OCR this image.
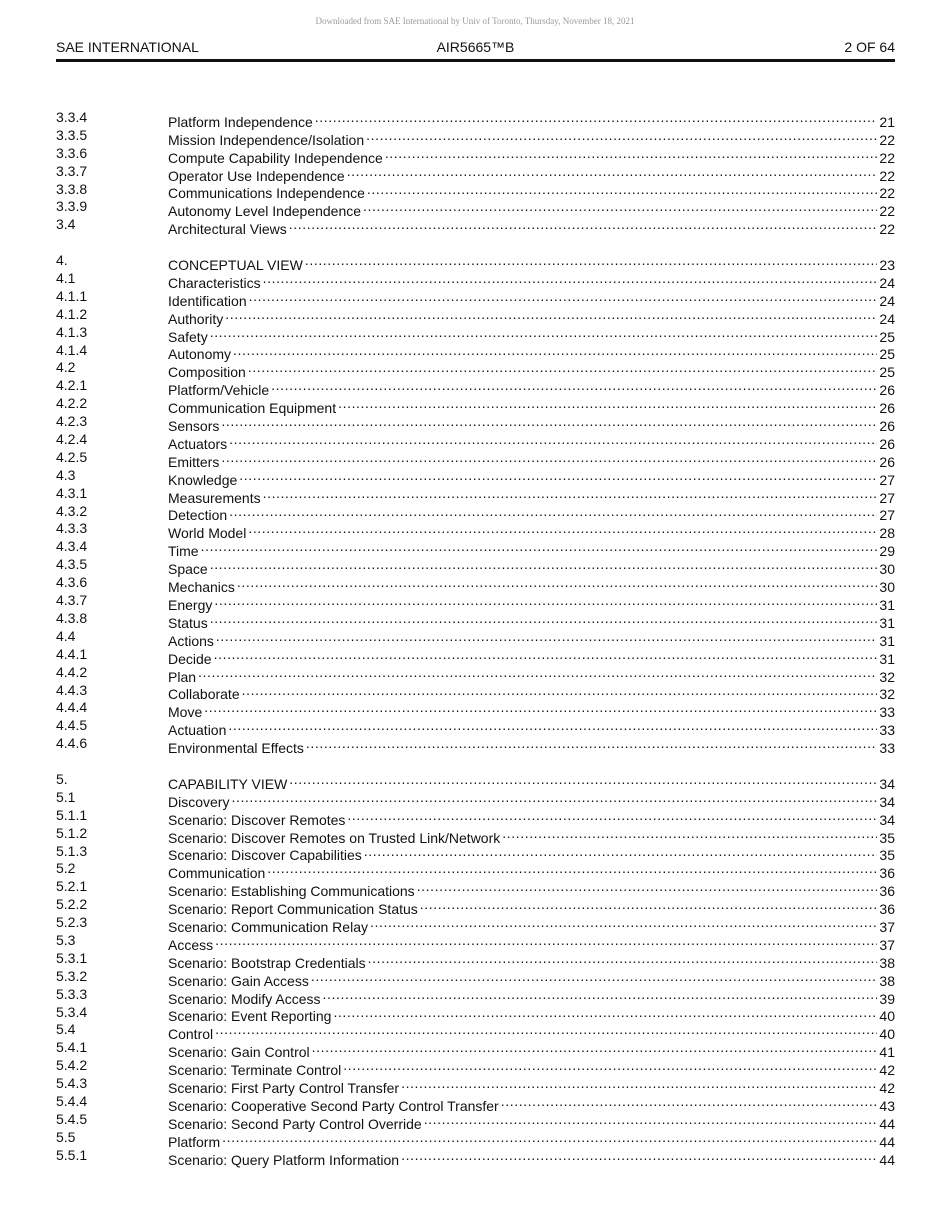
Downloaded from SAE International by Univ of Toronto, Thursday, November 18, 2021
SAE INTERNATIONAL	AIR5665™B	2 OF 64
3.3.4	Platform Independence .....	21
3.3.5	Mission Independence/Isolation .....	22
3.3.6	Compute Capability Independence .....	22
3.3.7	Operator Use Independence .....	22
3.3.8	Communications Independence .....	22
3.3.9	Autonomy Level Independence .....	22
3.4	Architectural Views .....	22
4.	CONCEPTUAL VIEW .....	23
4.1	Characteristics .....	24
4.1.1	Identification .....	24
4.1.2	Authority .....	24
4.1.3	Safety .....	25
4.1.4	Autonomy .....	25
4.2	Composition .....	25
4.2.1	Platform/Vehicle .....	26
4.2.2	Communication Equipment .....	26
4.2.3	Sensors .....	26
4.2.4	Actuators .....	26
4.2.5	Emitters .....	26
4.3	Knowledge .....	27
4.3.1	Measurements .....	27
4.3.2	Detection .....	27
4.3.3	World Model .....	28
4.3.4	Time .....	29
4.3.5	Space .....	30
4.3.6	Mechanics .....	30
4.3.7	Energy .....	31
4.3.8	Status .....	31
4.4	Actions .....	31
4.4.1	Decide .....	31
4.4.2	Plan .....	32
4.4.3	Collaborate .....	32
4.4.4	Move .....	33
4.4.5	Actuation .....	33
4.4.6	Environmental Effects .....	33
5.	CAPABILITY VIEW .....	34
5.1	Discovery .....	34
5.1.1	Scenario: Discover Remotes .....	34
5.1.2	Scenario: Discover Remotes on Trusted Link/Network .....	35
5.1.3	Scenario: Discover Capabilities .....	35
5.2	Communication .....	36
5.2.1	Scenario: Establishing Communications .....	36
5.2.2	Scenario: Report Communication Status .....	36
5.2.3	Scenario: Communication Relay .....	37
5.3	Access .....	37
5.3.1	Scenario: Bootstrap Credentials .....	38
5.3.2	Scenario: Gain Access .....	38
5.3.3	Scenario: Modify Access .....	39
5.3.4	Scenario: Event Reporting .....	40
5.4	Control .....	40
5.4.1	Scenario: Gain Control .....	41
5.4.2	Scenario: Terminate Control .....	42
5.4.3	Scenario: First Party Control Transfer .....	42
5.4.4	Scenario: Cooperative Second Party Control Transfer .....	43
5.4.5	Scenario: Second Party Control Override .....	44
5.5	Platform .....	44
5.5.1	Scenario: Query Platform Information .....	44
